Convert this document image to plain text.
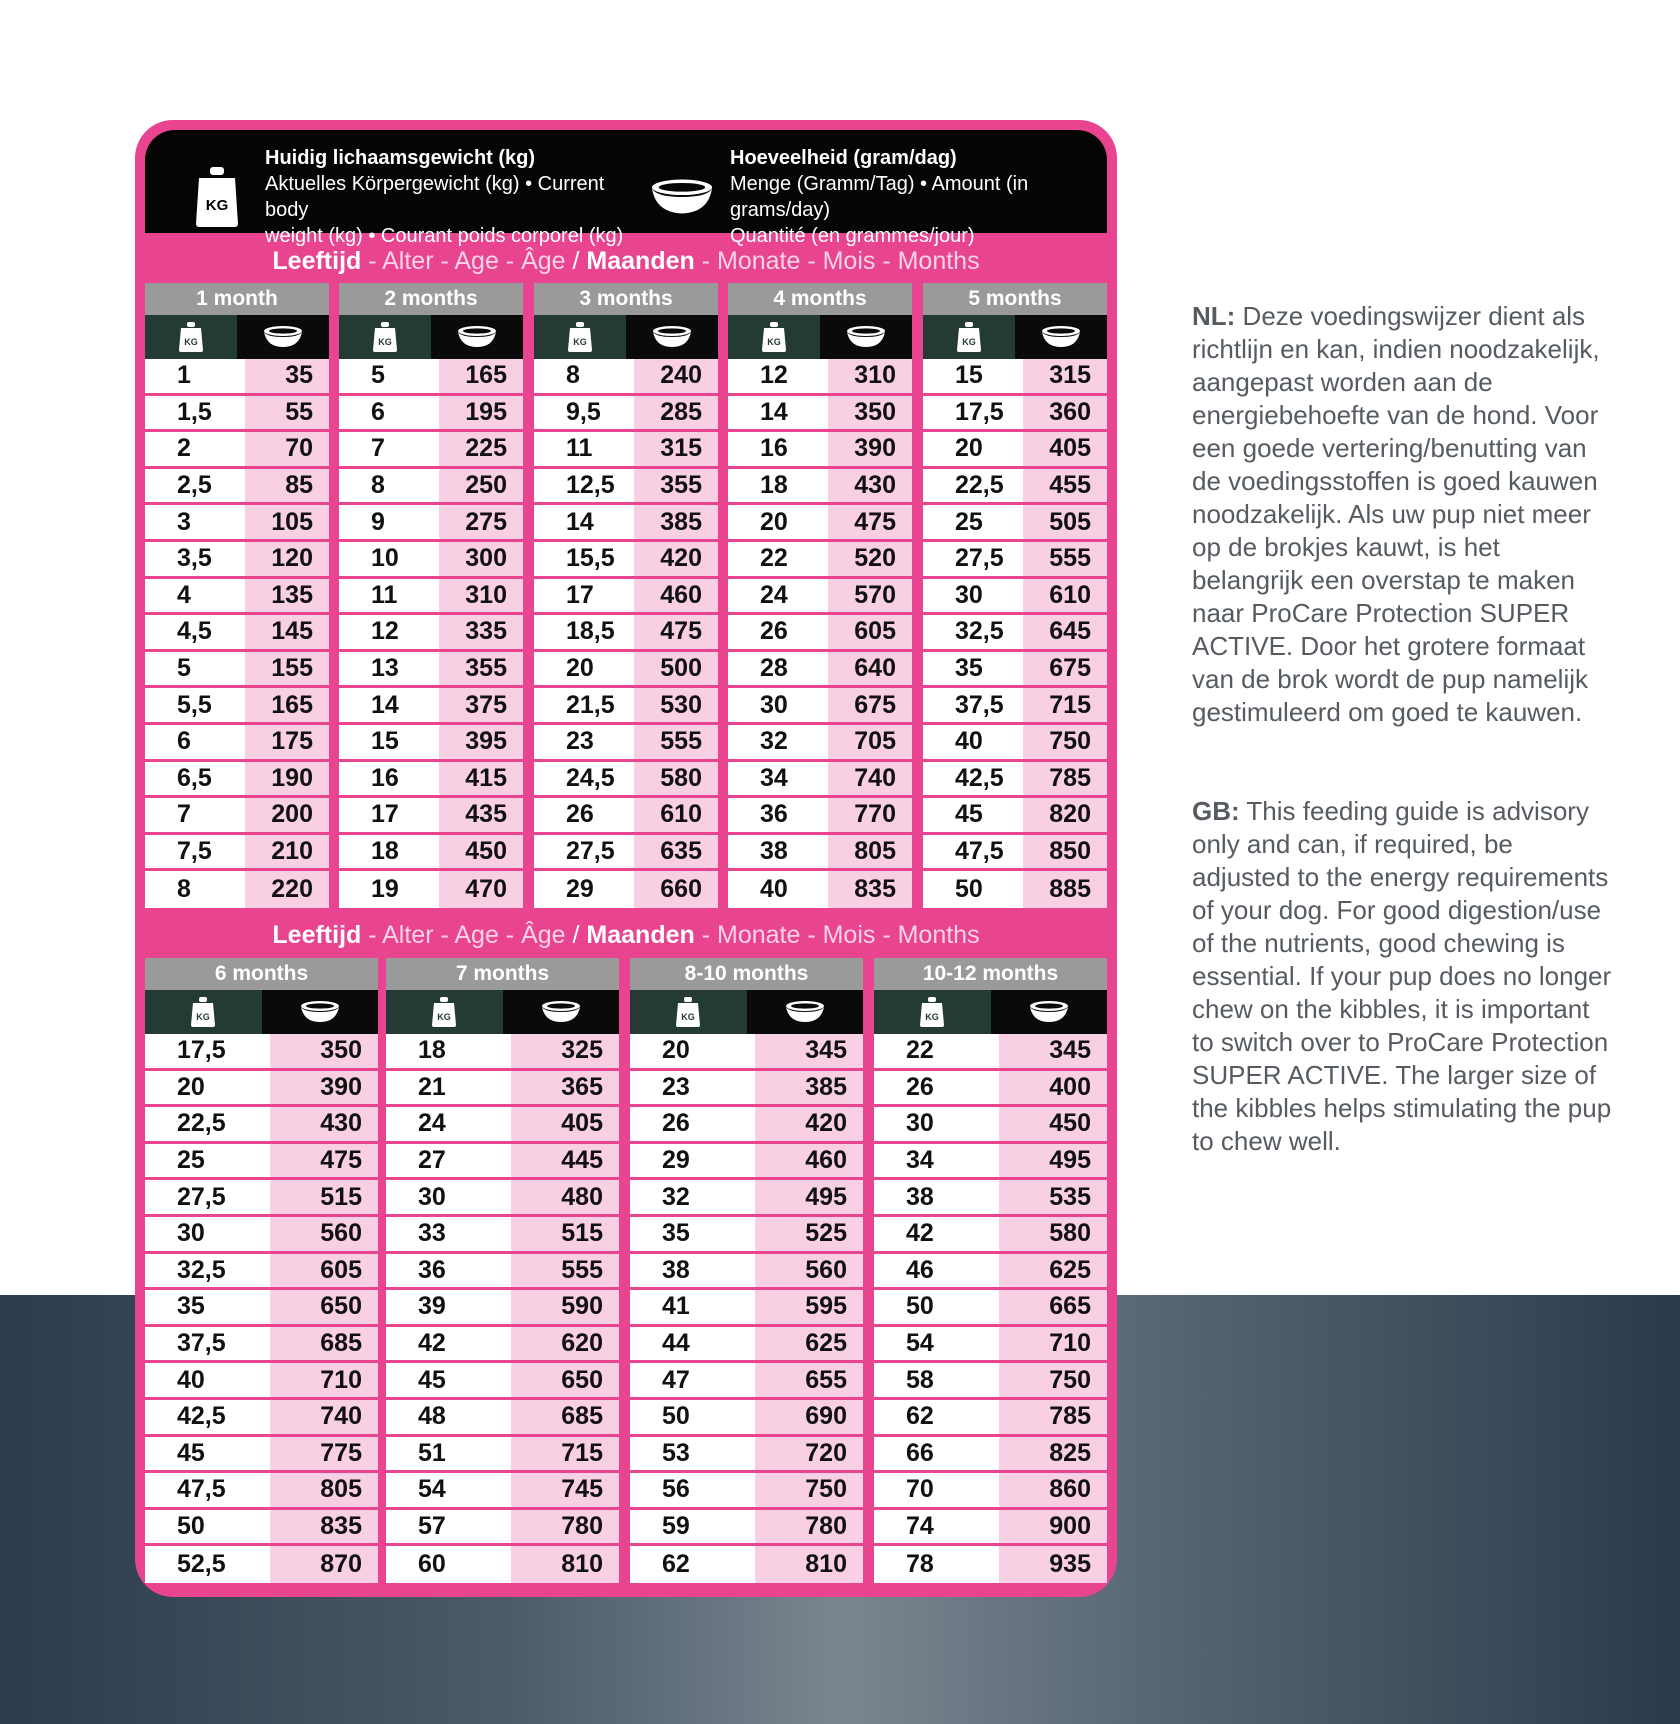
KG
Huidig lichaamsgewicht (kg)
Aktuelles Körpergewicht (kg) • Current body
weight (kg) • Courant poids corporel (kg)
Hoeveelheid (gram/dag)
Menge (Gramm/Tag) • Amount (in grams/day)
Quantité (en grammes/jour)
Leeftijd - Alter - Age - Âge / Maanden - Monate - Mois - Months
1 month
KG
1	35
1,5	55
2	70
2,5	85
3	105
3,5	120
4	135
4,5	145
5	155
5,5	165
6	175
6,5	190
7	200
7,5	210
8	220
2 months
KG
5	165
6	195
7	225
8	250
9	275
10	300
11	310
12	335
13	355
14	375
15	395
16	415
17	435
18	450
19	470
3 months
KG
8	240
9,5	285
11	315
12,5	355
14	385
15,5	420
17	460
18,5	475
20	500
21,5	530
23	555
24,5	580
26	610
27,5	635
29	660
4 months
KG
12	310
14	350
16	390
18	430
20	475
22	520
24	570
26	605
28	640
30	675
32	705
34	740
36	770
38	805
40	835
5 months
KG
15	315
17,5	360
20	405
22,5	455
25	505
27,5	555
30	610
32,5	645
35	675
37,5	715
40	750
42,5	785
45	820
47,5	850
50	885
Leeftijd - Alter - Age - Âge / Maanden - Monate - Mois - Months
6 months
KG
17,5	350
20	390
22,5	430
25	475
27,5	515
30	560
32,5	605
35	650
37,5	685
40	710
42,5	740
45	775
47,5	805
50	835
52,5	870
7 months
KG
18	325
21	365
24	405
27	445
30	480
33	515
36	555
39	590
42	620
45	650
48	685
51	715
54	745
57	780
60	810
8-10 months
KG
20	345
23	385
26	420
29	460
32	495
35	525
38	560
41	595
44	625
47	655
50	690
53	720
56	750
59	780
62	810
10-12 months
KG
22	345
26	400
30	450
34	495
38	535
42	580
46	625
50	665
54	710
58	750
62	785
66	825
70	860
74	900
78	935
NL: Deze voedingswijzer dient als richtlijn en kan, indien noodzakelijk, aangepast worden aan de energiebehoefte van de hond. Voor een goede vertering/benutting van de voedingsstoffen is goed kauwen noodzakelijk. Als uw pup niet meer op de brokjes kauwt, is het belangrijk een overstap te maken naar ProCare Protection SUPER ACTIVE. Door het grotere formaat van de brok wordt de pup namelijk gestimuleerd om goed te kauwen.
GB: This feeding guide is advisory only and can, if required, be adjusted to the energy requirements of your dog. For good digestion/use of the nutrients, good chewing is essential. If your pup does no longer chew on the kibbles, it is important to switch over to ProCare Protection SUPER ACTIVE. The larger size of the kibbles helps stimulating the pup to chew well.
